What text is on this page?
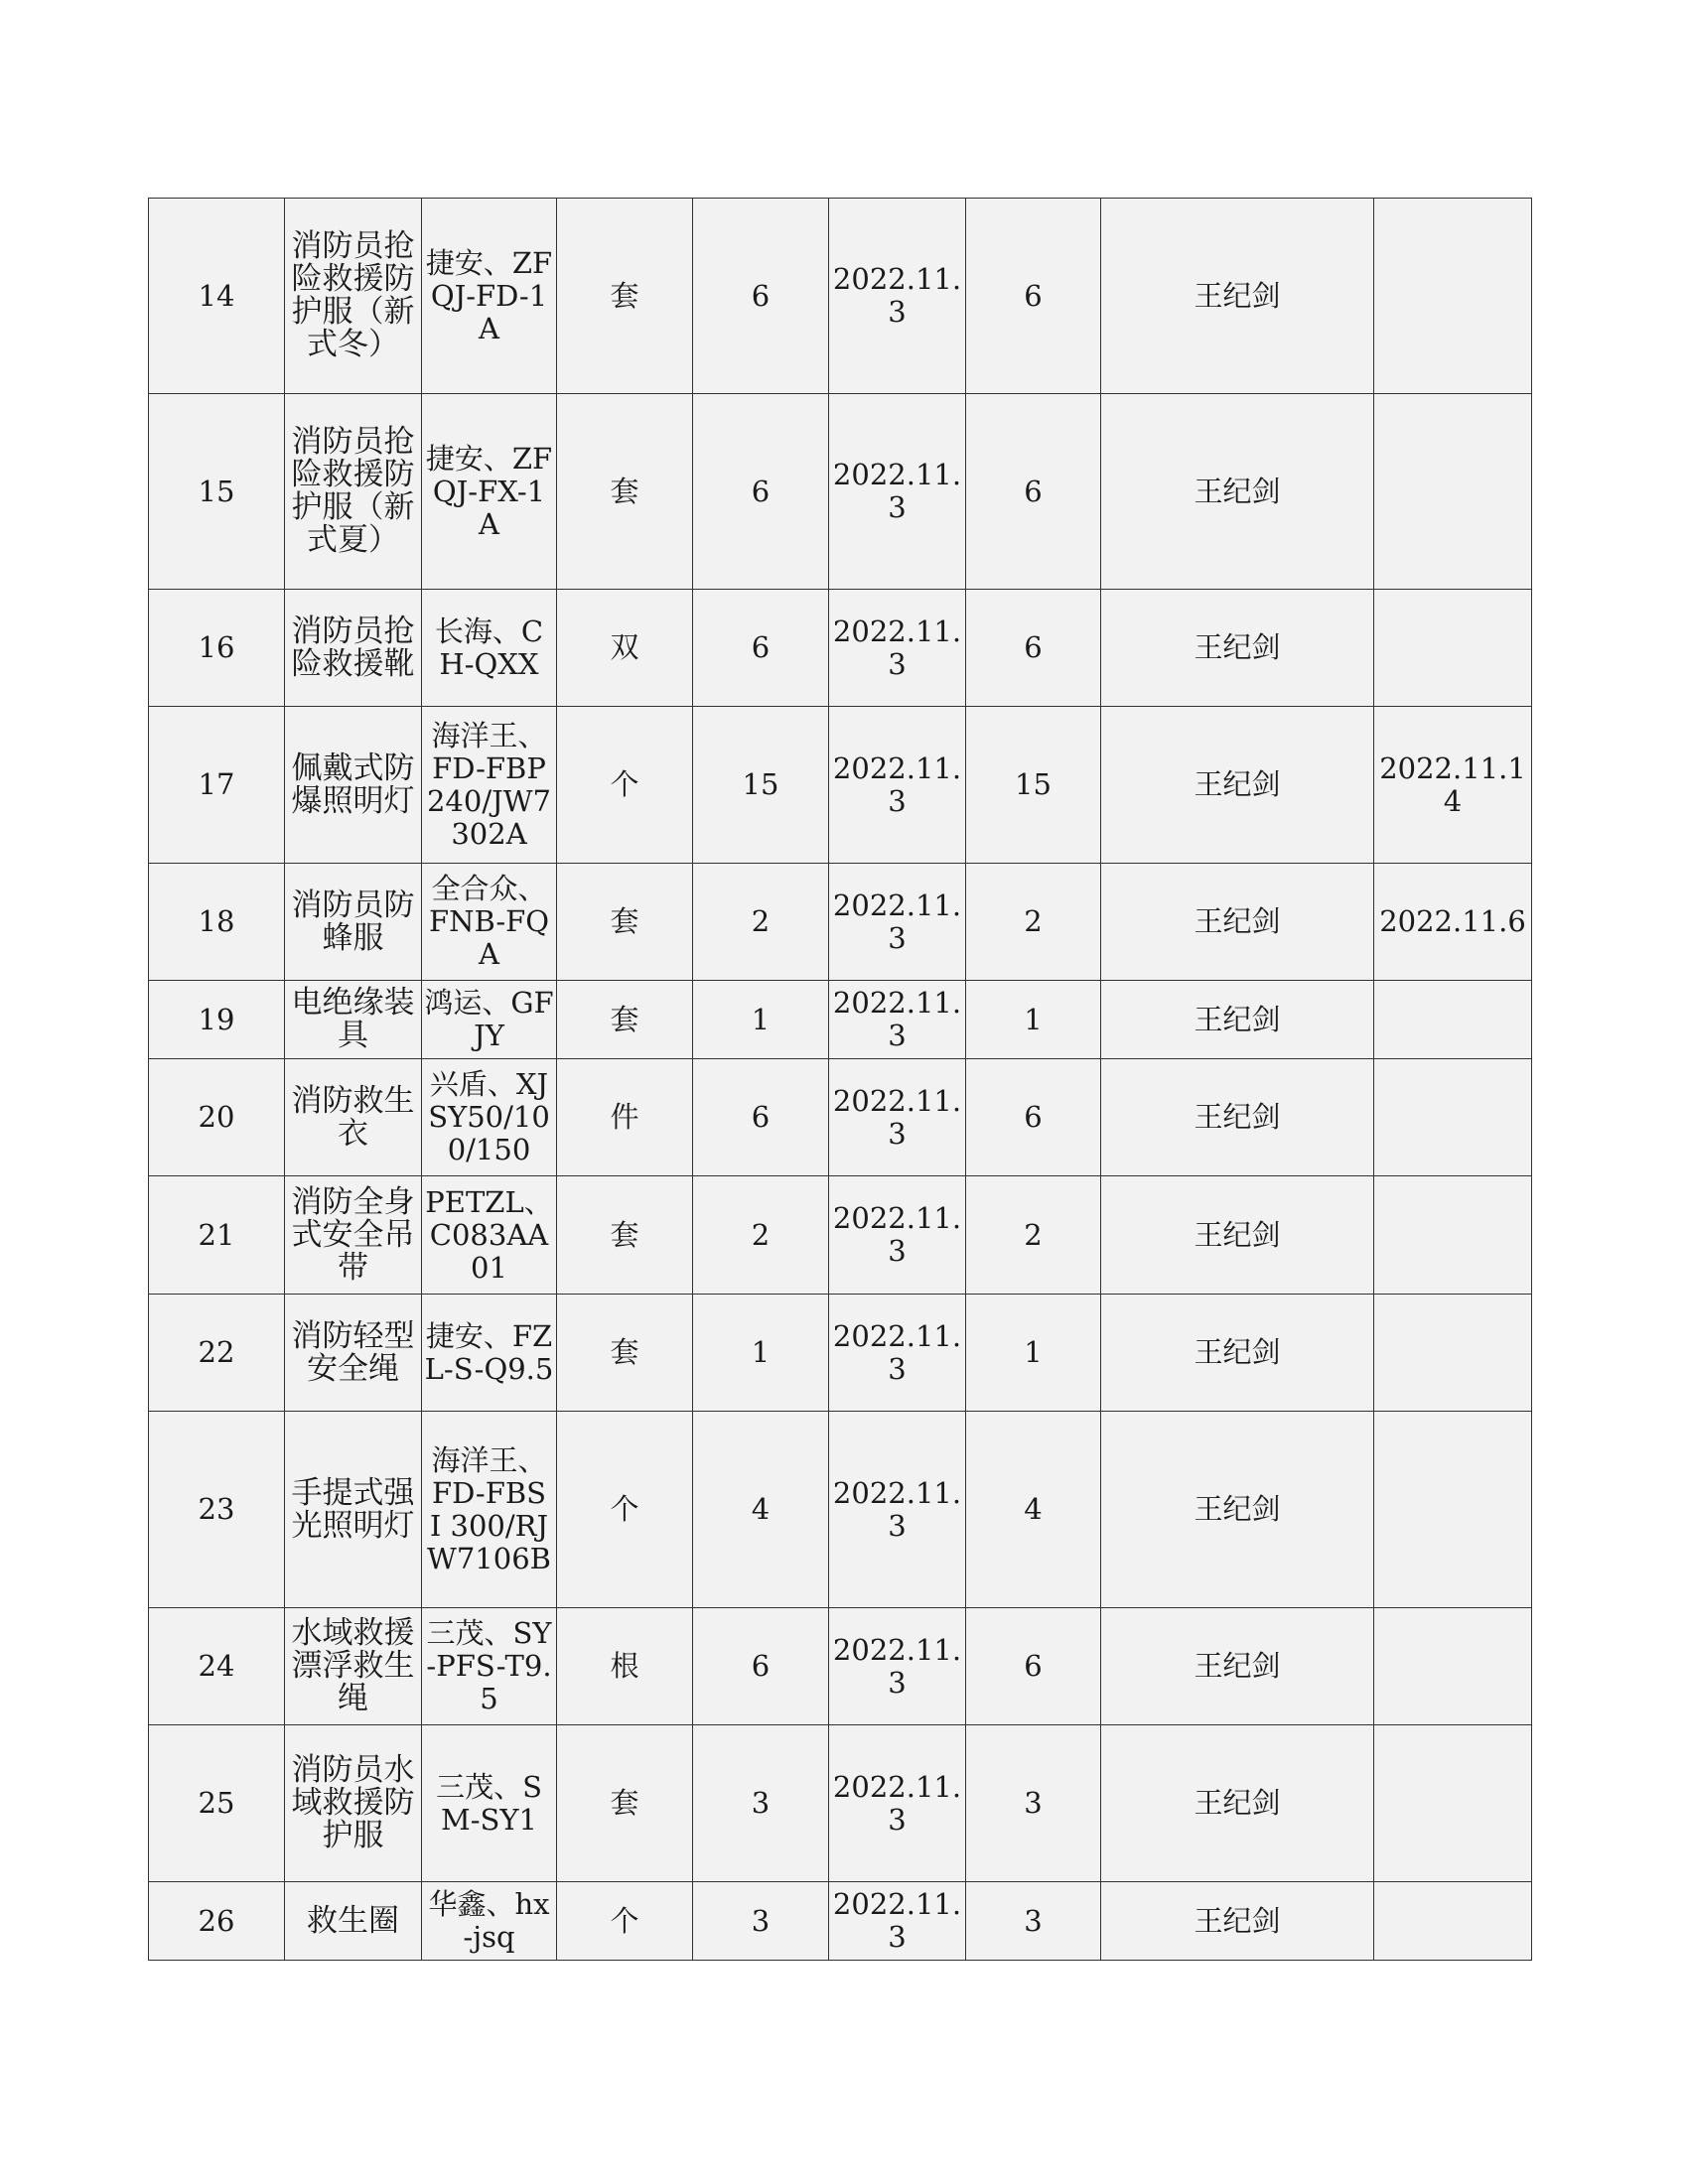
14	消防员抢险救援防护服（新式冬）	捷安、ZFQJ-FD-1A	套	6	2022.11.3	6	王纪剑	
15	消防员抢险救援防护服（新式夏）	捷安、ZFQJ-FX-1A	套	6	2022.11.3	6	王纪剑	
16	消防员抢险救援靴	长海、CH-QXX	双	6	2022.11.3	6	王纪剑	
17	佩戴式防爆照明灯	海洋王、FD-FBP240/JW7302A	个	15	2022.11.3	15	王纪剑	2022.11.14
18	消防员防蜂服	全合众、FNB-FQA	套	2	2022.11.3	2	王纪剑	2022.11.6
19	电绝缘装具	鸿运、GFJY	套	1	2022.11.3	1	王纪剑	
20	消防救生衣	兴盾、XJSY50/100/150	件	6	2022.11.3	6	王纪剑	
21	消防全身式安全吊带	PETZL、C083AA01	套	2	2022.11.3	2	王纪剑	
22	消防轻型安全绳	捷安、FZL-S-Q9.5	套	1	2022.11.3	1	王纪剑	
23	手提式强光照明灯	海洋王、FD-FBS I 300/RJW7106B	个	4	2022.11.3	4	王纪剑	
24	水域救援漂浮救生绳	三茂、SY-PFS-T9.5	根	6	2022.11.3	6	王纪剑	
25	消防员水域救援防护服	三茂、SM-SY1	套	3	2022.11.3	3	王纪剑	
26	救生圈	华鑫、hx-jsq	个	3	2022.11.3	3	王纪剑	
